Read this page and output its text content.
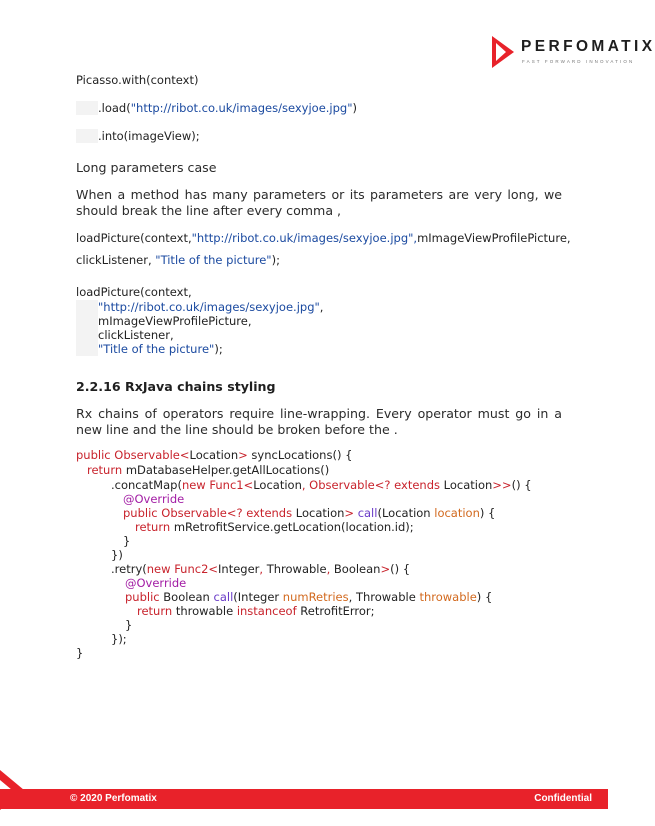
PERFOMATIX
FAST FORWARD INNOVATION
Picasso.with(context)
.load("http://ribot.co.uk/images/sexyjoe.jpg")
.into(imageView);
Long parameters case
When a method has many parameters or its parameters are very long, we should break the line after every comma ,
loadPicture(context, "http://ribot.co.uk/images/sexyjoe.jpg", mImageViewProfilePicture,
clickListener, "Title of the picture");
loadPicture(context,
"http://ribot.co.uk/images/sexyjoe.jpg",
mImageViewProfilePicture,
clickListener,
"Title of the picture");
2.2.16 RxJava chains styling
Rx chains of operators require line-wrapping. Every operator must go in a new line and the line should be broken before the .
public Observable<Location> syncLocations() {
return mDatabaseHelper.getAllLocations()
.concatMap(new Func1<Location, Observable<? extends Location>>() {
@Override
public Observable<? extends Location> call(Location location) {
return mRetrofitService.getLocation(location.id);
}
})
.retry(new Func2<Integer, Throwable, Boolean>() {
@Override
public Boolean call(Integer numRetries, Throwable throwable) {
return throwable instanceof RetrofitError;
}
});
}
© 2020 Perfomatix	Confidential
